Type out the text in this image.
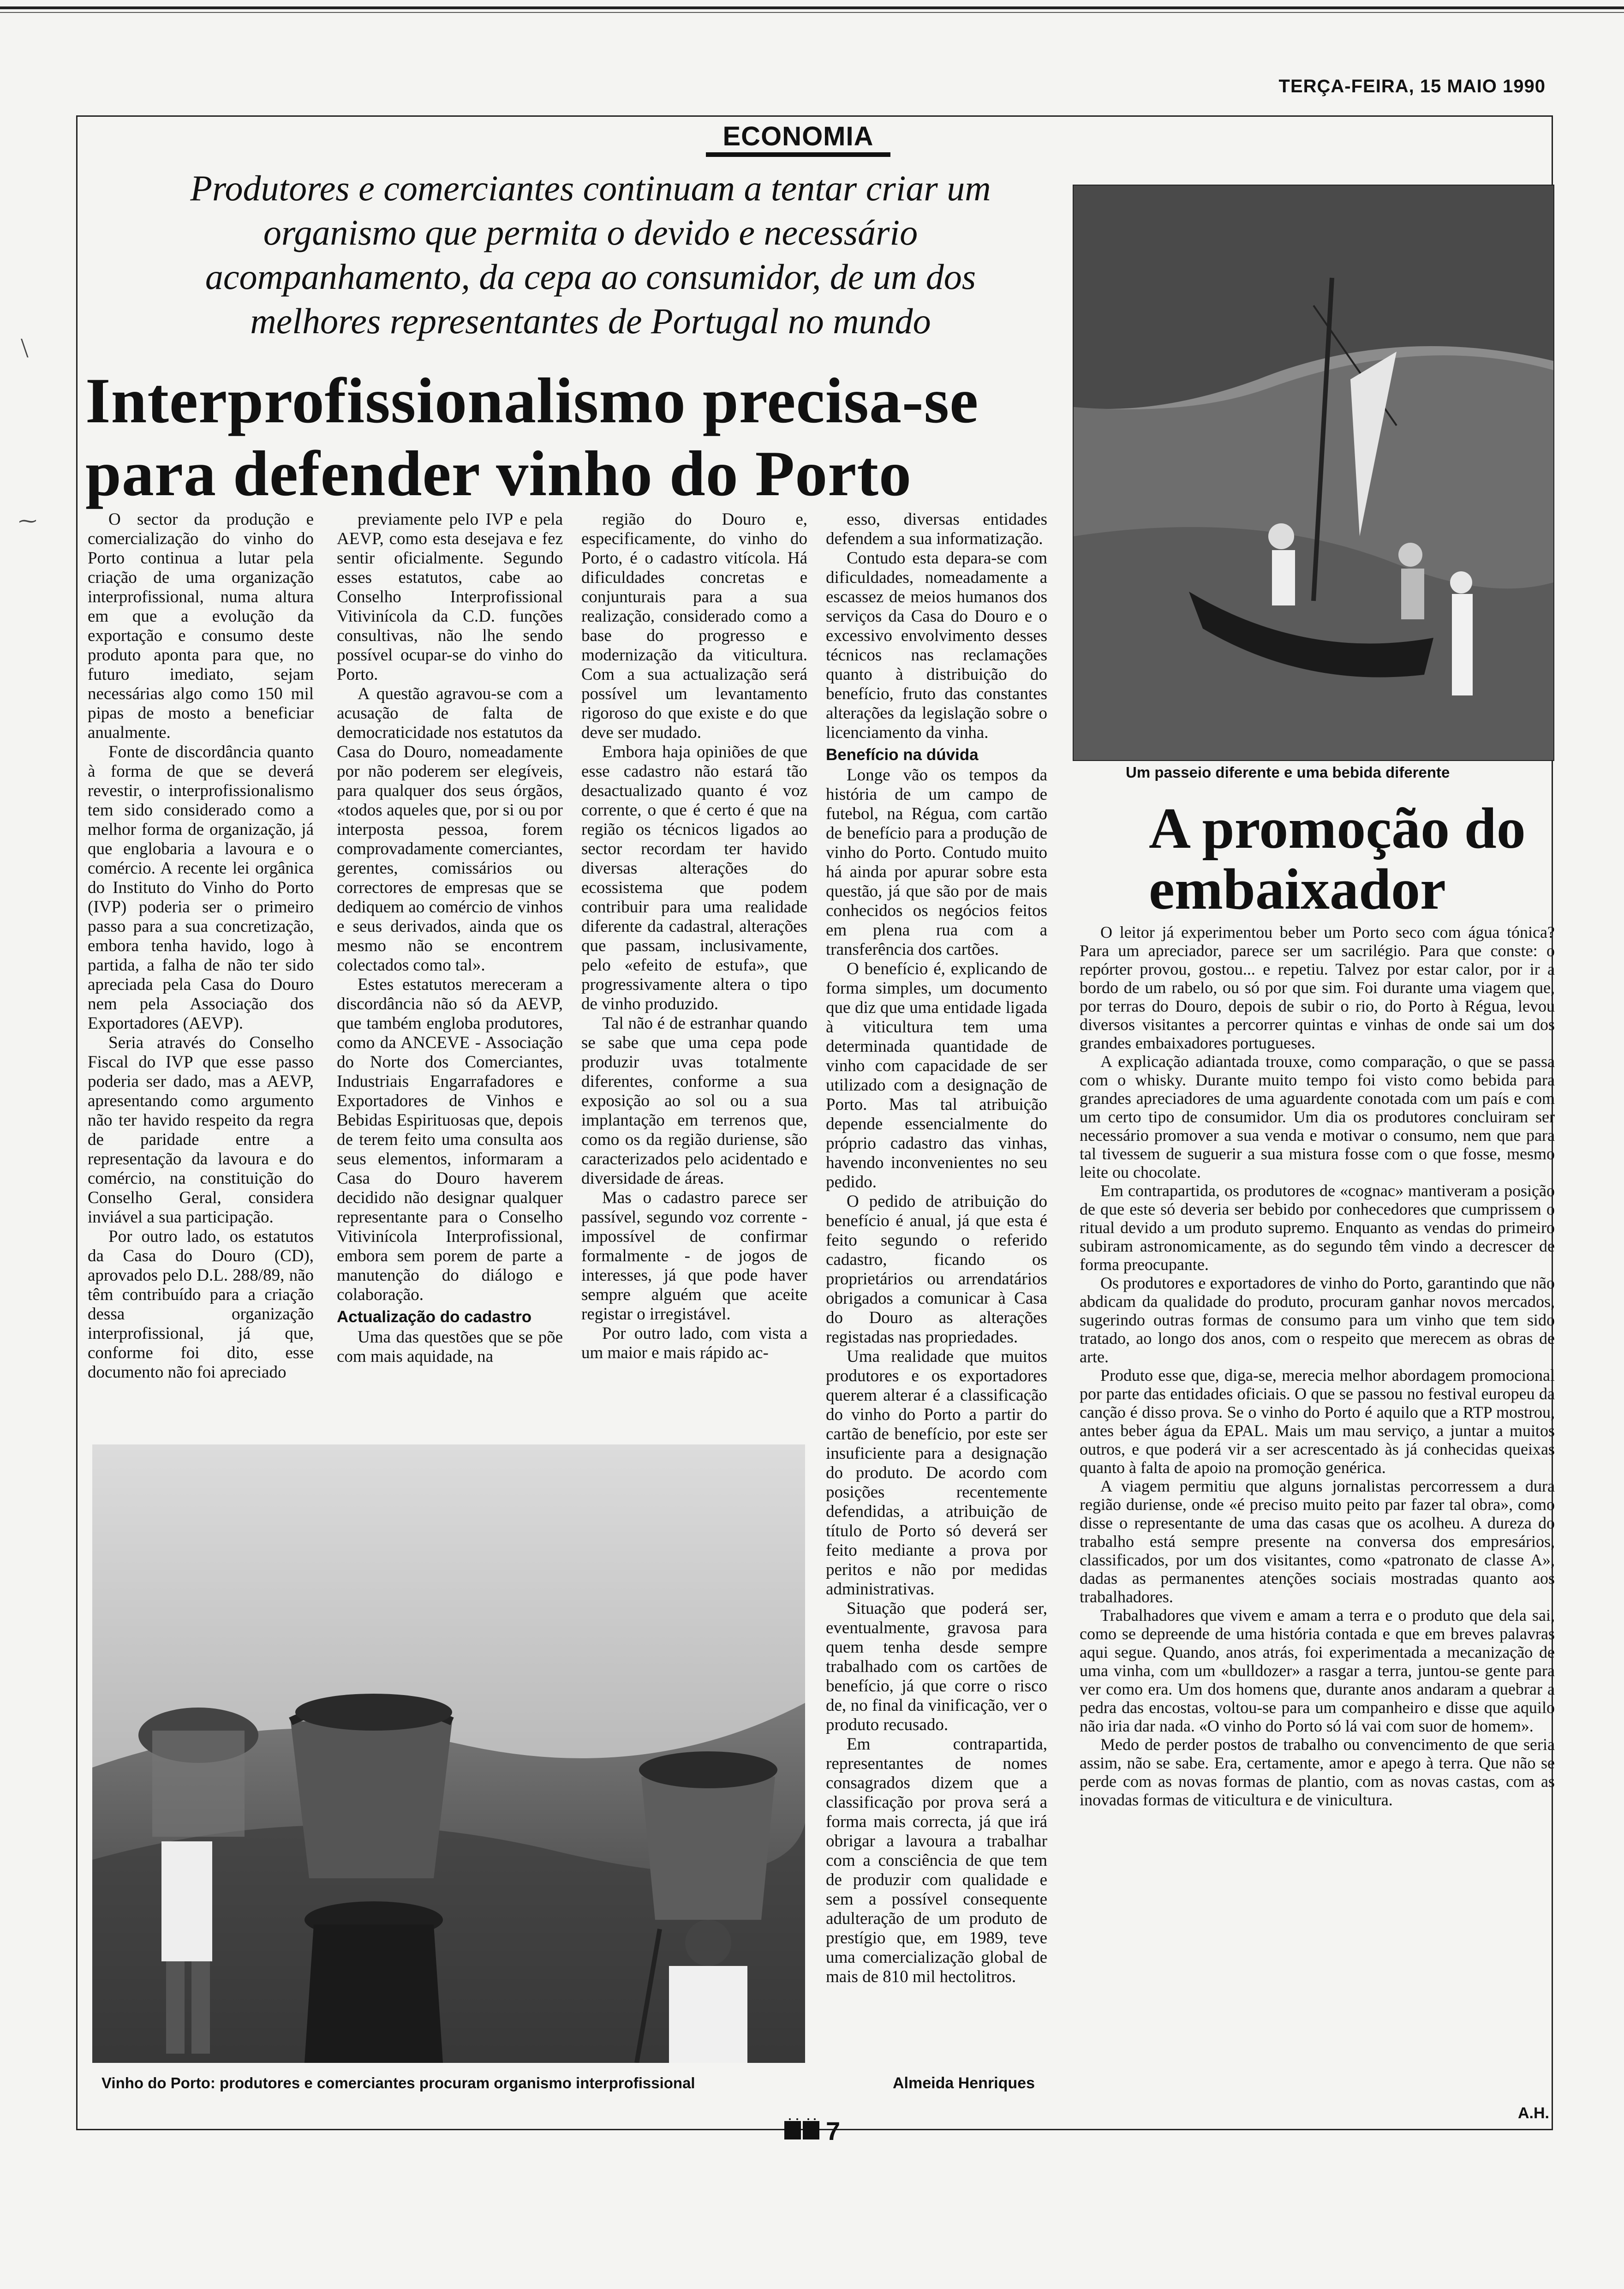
TERÇA-FEIRA, 15 MAIO 1990
ECONOMIA
\
⁓
Produtores e comerciantes continuam a tentar criar um organismo que permita o devido e necessário acompanhamento, da cepa ao consumidor, de um dos melhores representantes de Portugal no mundo
Interprofissionalismo precisa-se para defender vinho do Porto

O sector da produção e comercialização do vinho do Porto continua a lutar pela criação de uma organização interprofissional, numa altura em que a evolução da exportação e consumo deste produto aponta para que, no futuro imediato, sejam necessárias algo como 150 mil pipas de mosto a beneficiar anualmente.

Fonte de discordância quanto à forma de que se deverá revestir, o interprofissionalismo tem sido considerado como a melhor forma de organização, já que englobaria a lavoura e o comércio. A recente lei orgânica do Instituto do Vinho do Porto (IVP) poderia ser o primeiro passo para a sua concretização, embora tenha havido, logo à partida, a falha de não ter sido apreciada pela Casa do Douro nem pela Associação dos Exportadores (AEVP).

Seria através do Conselho Fiscal do IVP que esse passo poderia ser dado, mas a AEVP, apresentando como argumento não ter havido respeito da regra de paridade entre a representação da lavoura e do comércio, na constituição do Conselho Geral, considera inviável a sua participação.

Por outro lado, os estatutos da Casa do Douro (CD), aprovados pelo D.L. 288/89, não têm contribuído para a criação dessa organização interprofissional, já que, conforme foi dito, esse documento não foi apreciado

previamente pelo IVP e pela AEVP, como esta desejava e fez sentir oficialmente. Segundo esses estatutos, cabe ao Conselho Interprofissional Vitivinícola da C.D. funções consultivas, não lhe sendo possível ocupar-se do vinho do Porto.

A questão agravou-se com a acusação de falta de democraticidade nos estatutos da Casa do Douro, nomeadamente por não poderem ser elegíveis, para qualquer dos seus órgãos, «todos aqueles que, por si ou por interposta pessoa, forem comprovadamente comerciantes, gerentes, comissários ou correctores de empresas que se dediquem ao comércio de vinhos e seus derivados, ainda que os mesmo não se encontrem colectados como tal».

Estes estatutos mereceram a discordância não só da AEVP, que também engloba produtores, como da ANCEVE - Associação do Norte dos Comerciantes, Industriais Engarrafadores e Exportadores de Vinhos e Bebidas Espirituosas que, depois de terem feito uma consulta aos seus elementos, informaram a Casa do Douro haverem decidido não designar qualquer representante para o Conselho Vitivinícola Interprofissional, embora sem porem de parte a manutenção do diálogo e colaboração.

Actualização do cadastro

Uma das questões que se põe com mais aquidade, na

região do Douro e, especificamente, do vinho do Porto, é o cadastro vitícola. Há dificuldades concretas e conjunturais para a sua realização, considerado como a base do progresso e modernização da viticultura. Com a sua actualização será possível um levantamento rigoroso do que existe e do que deve ser mudado.

Embora haja opiniões de que esse cadastro não estará tão desactualizado quanto é voz corrente, o que é certo é que na região os técnicos ligados ao sector recordam ter havido diversas alterações do ecossistema que podem contribuir para uma realidade diferente da cadastral, alterações que passam, inclusivamente, pelo «efeito de estufa», que progressivamente altera o tipo de vinho produzido.

Tal não é de estranhar quando se sabe que uma cepa pode produzir uvas totalmente diferentes, conforme a sua exposição ao sol ou a sua implantação em terrenos que, como os da região duriense, são caracterizados pelo acidentado e diversidade de áreas.

Mas o cadastro parece ser passível, segundo voz corrente - impossível de confirmar formalmente - de jogos de interesses, já que pode haver sempre alguém que aceite registar o irregistável.

Por outro lado, com vista a um maior e mais rápido ac-

esso, diversas entidades defendem a sua informatização.

Contudo esta depara-se com dificuldades, nomeadamente a escassez de meios humanos dos serviços da Casa do Douro e o excessivo envolvimento desses técnicos nas reclamações quanto à distribuição do benefício, fruto das constantes alterações da legislação sobre o licenciamento da vinha.

Benefício na dúvida

Longe vão os tempos da história de um campo de futebol, na Régua, com cartão de benefício para a produção de vinho do Porto. Contudo muito há ainda por apurar sobre esta questão, já que são por de mais conhecidos os negócios feitos em plena rua com a transferência dos cartões.

O benefício é, explicando de forma simples, um documento que diz que uma entidade ligada à viticultura tem uma determinada quantidade de vinho com capacidade de ser utilizado com a designação de Porto. Mas tal atribuição depende essencialmente do próprio cadastro das vinhas, havendo inconvenientes no seu pedido.

O pedido de atribuição do benefício é anual, já que esta é feito segundo o referido cadastro, ficando os proprietários ou arrendatários obrigados a comunicar à Casa do Douro as alterações registadas nas propriedades.

Uma realidade que muitos produtores e os exportadores querem alterar é a classificação do vinho do Porto a partir do cartão de benefício, por este ser insuficiente para a designação do produto. De acordo com posições recentemente defendidas, a atribuição de título de Porto só deverá ser feito mediante a prova por peritos e não por medidas administrativas.

Situação que poderá ser, eventualmente, gravosa para quem tenha desde sempre trabalhado com os cartões de benefício, já que corre o risco de, no final da vinificação, ver o produto recusado.

Em contrapartida, representantes de nomes consagrados dizem que a classificação por prova será a forma mais correcta, já que irá obrigar a lavoura a trabalhar com a consciência de que tem de produzir com qualidade e sem a possível consequente adulteração de um produto de prestígio que, em 1989, teve uma comercialização global de mais de 810 mil hectolitros.

Vinho do Porto: produtores e comerciantes procuram organismo interprofissional	Almeida Henriques
Um passeio diferente e uma bebida diferente
A promoção do embaixador

O leitor já experimentou beber um Porto seco com água tónica? Para um apreciador, parece ser um sacrilégio. Para que conste: o repórter provou, gostou... e repetiu. Talvez por estar calor, por ir a bordo de um rabelo, ou só por que sim. Foi durante uma viagem que, por terras do Douro, depois de subir o rio, do Porto à Régua, levou diversos visitantes a percorrer quintas e vinhas de onde sai um dos grandes embaixadores portugueses.

A explicação adiantada trouxe, como comparação, o que se passa com o whisky. Durante muito tempo foi visto como bebida para grandes apreciadores de uma aguardente conotada com um país e com um certo tipo de consumidor. Um dia os produtores concluiram ser necessário promover a sua venda e motivar o consumo, nem que para tal tivessem de suguerir a sua mistura fosse com o que fosse, mesmo leite ou chocolate.

Em contrapartida, os produtores de «cognac» mantiveram a posição de que este só deveria ser bebido por conhecedores que cumprissem o ritual devido a um produto supremo. Enquanto as vendas do primeiro subiram astronomicamente, as do segundo têm vindo a decrescer de forma preocupante.

Os produtores e exportadores de vinho do Porto, garantindo que não abdicam da qualidade do produto, procuram ganhar novos mercados, sugerindo outras formas de consumo para um vinho que tem sido tratado, ao longo dos anos, com o respeito que merecem as obras de arte.

Produto esse que, diga-se, merecia melhor abordagem promocional por parte das entidades oficiais. O que se passou no festival europeu da canção é disso prova. Se o vinho do Porto é aquilo que a RTP mostrou, antes beber água da EPAL. Mais um mau serviço, a juntar a muitos outros, e que poderá vir a ser acrescentado às já conhecidas queixas quanto à falta de apoio na promoção genérica.

A viagem permitiu que alguns jornalistas percorressem a dura região duriense, onde «é preciso muito peito par fazer tal obra», como disse o representante de uma das casas que os acolheu. A dureza do trabalho está sempre presente na conversa dos empresários, classificados, por um dos visitantes, como «patronato de classe A», dadas as permanentes atenções sociais mostradas quanto aos trabalhadores.

Trabalhadores que vivem e amam a terra e o produto que dela sai, como se depreende de uma história contada e que em breves palavras aqui segue. Quando, anos atrás, foi experimentada a mecanização de uma vinha, com um «bulldozer» a rasgar a terra, juntou-se gente para ver como era. Um dos homens que, durante anos andaram a quebrar a pedra das encostas, voltou-se para um companheiro e disse que aquilo não iria dar nada. «O vinho do Porto só lá vai com suor de homem».

Medo de perder postos de trabalho ou convencimento de que seria assim, não se sabe. Era, certamente, amor e apego à terra. Que não se perde com as novas formas de plantio, com as novas castas, com as inovadas formas de viticultura e de vinicultura.

A.H.
7
